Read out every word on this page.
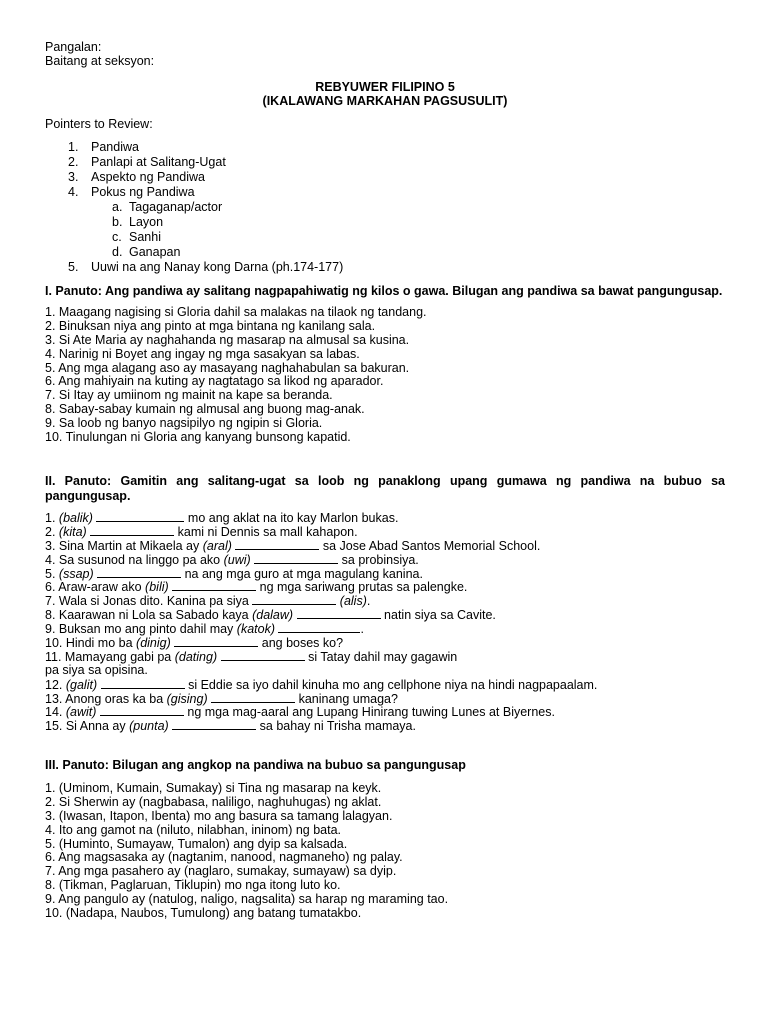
Pangalan:
Baitang at seksyon:
REBYUWER FILIPINO 5
(IKALAWANG MARKAHAN PAGSUSULIT)
Pointers to Review:
1. Pandiwa
2. Panlapi at Salitang-Ugat
3. Aspekto ng Pandiwa
4. Pokus ng Pandiwa
a. Tagaganap/actor
b. Layon
c. Sanhi
d. Ganapan
5. Uuwi na ang Nanay kong Darna (ph.174-177)
I. Panuto: Ang pandiwa ay salitang nagpapahiwatig ng kilos o gawa. Bilugan ang pandiwa sa bawat pangungusap.
1. Maagang nagising si Gloria dahil sa malakas na tilaok ng tandang.
2. Binuksan niya ang pinto at mga bintana ng kanilang sala.
3. Si Ate Maria ay naghahanda ng masarap na almusal sa kusina.
4. Narinig ni Boyet ang ingay ng mga sasakyan sa labas.
5. Ang mga alagang aso ay masayang naghahabulan sa bakuran.
6. Ang mahiyain na kuting ay nagtatago sa likod ng aparador.
7. Si Itay ay umiinom ng mainit na kape sa beranda.
8. Sabay-sabay kumain ng almusal ang buong mag-anak.
9. Sa loob ng banyo nagsipilyo ng ngipin si Gloria.
10. Tinulungan ni Gloria ang kanyang bunsong kapatid.
II. Panuto: Gamitin ang salitang-ugat sa loob ng panaklong upang gumawa ng pandiwa na bubuo sa pangungusap.
1. (balik)	mo ang aklat na ito kay Marlon bukas.
2. (kita)	kami ni Dennis sa mall kahapon.
3. Sina Martin at Mikaela ay (aral)	sa Jose Abad Santos Memorial School.
4. Sa susunod na linggo pa ako (uwi)	sa probinsiya.
5. (ssap)	na ang mga guro at mga magulang kanina.
6. Araw-araw ako (bili)	ng mga sariwang prutas sa palengke.
7. Wala si Jonas dito. Kanina pa siya	(alis).
8. Kaarawan ni Lola sa Sabado kaya (dalaw)	natin siya sa Cavite.
9. Buksan mo ang pinto dahil may (katok)	.
10. Hindi mo ba (dinig)	ang boses ko?
11. Mamayang gabi pa (dating)	si Tatay dahil may gagawin
pa siya sa opisina.
12. (galit)	si Eddie sa iyo dahil kinuha mo ang cellphone niya na hindi nagpapaalam.
13. Anong oras ka ba (gising)	kaninang umaga?
14. (awit)	ng mga mag-aaral ang Lupang Hinirang tuwing Lunes at Biyernes.
15. Si Anna ay (punta)	sa bahay ni Trisha mamaya.
III. Panuto: Bilugan ang angkop na pandiwa na bubuo sa pangungusap
1. (Uminom, Kumain, Sumakay) si Tina ng masarap na keyk.
2. Si Sherwin ay (nagbabasa, naliligo, naghuhugas) ng aklat.
3. (Iwasan, Itapon, Ibenta) mo ang basura sa tamang lalagyan.
4. Ito ang gamot na (niluto, nilabhan, ininom) ng bata.
5. (Huminto, Sumayaw, Tumalon) ang dyip sa kalsada.
6. Ang magsasaka ay (nagtanim, nanood, nagmaneho) ng palay.
7. Ang mga pasahero ay (naglaro, sumakay, sumayaw) sa dyip.
8. (Tikman, Paglaruan, Tiklupin) mo nga itong luto ko.
9. Ang pangulo ay (natulog, naligo, nagsalita) sa harap ng maraming tao.
10. (Nadapa, Naubos, Tumulong) ang batang tumatakbo.
